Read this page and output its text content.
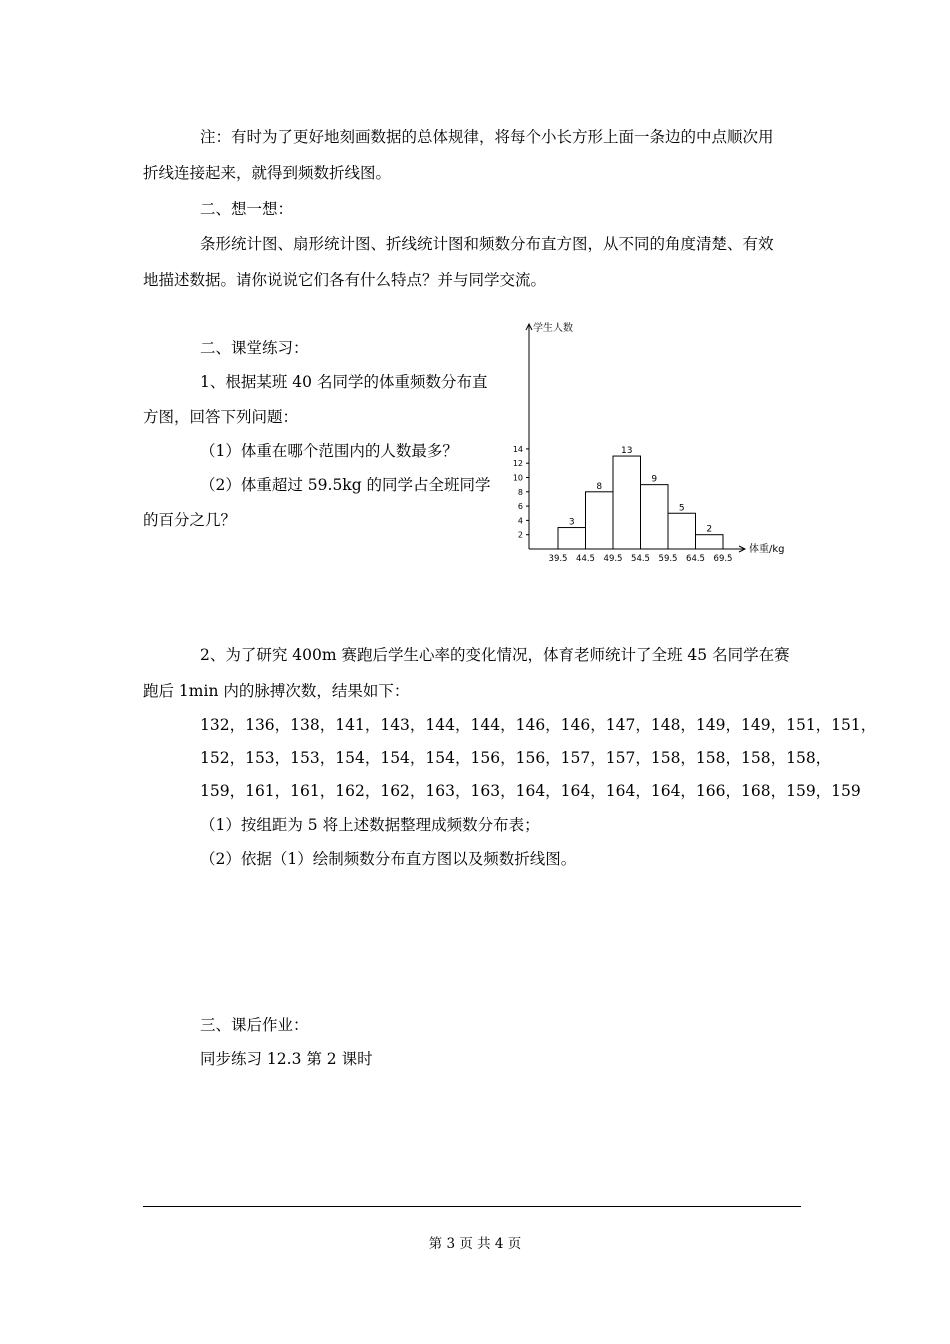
注：有时为了更好地刻画数据的总体规律，将每个小长方形上面一条边的中点顺次用
折线连接起来，就得到频数折线图。
二、想一想：
条形统计图、扇形统计图、折线统计图和频数分布直方图，从不同的角度清楚、有效
地描述数据。请你说说它们各有什么特点？并与同学交流。
二、课堂练习：
1、根据某班 40 名同学的体重频数分布直
方图，回答下列问题：
（1）体重在哪个范围内的人数最多？
（2）体重超过 59.5kg 的同学占全班同学
的百分之几？
学生人数
体重/kg
2
4
6
8
10
12
14
3
8
13
9
5
2
39.5 44.5 49.5 54.5 59.5 64.5 69.5
2、为了研究 400m 赛跑后学生心率的变化情况，体育老师统计了全班 45 名同学在赛
跑后 1min 内的脉搏次数，结果如下：
132，136，138，141，143，144，144，146，146，147，148，149，149，151，151，
152，153，153，154，154，154，156，156，157，157，158，158，158，158，
159，161，161，162，162，163，163，164，164，164，164，166，168，159，159
（1）按组距为 5 将上述数据整理成频数分布表；
（2）依据（1）绘制频数分布直方图以及频数折线图。
三、课后作业：
同步练习 12.3 第 2 课时
第 3 页 共 4 页
